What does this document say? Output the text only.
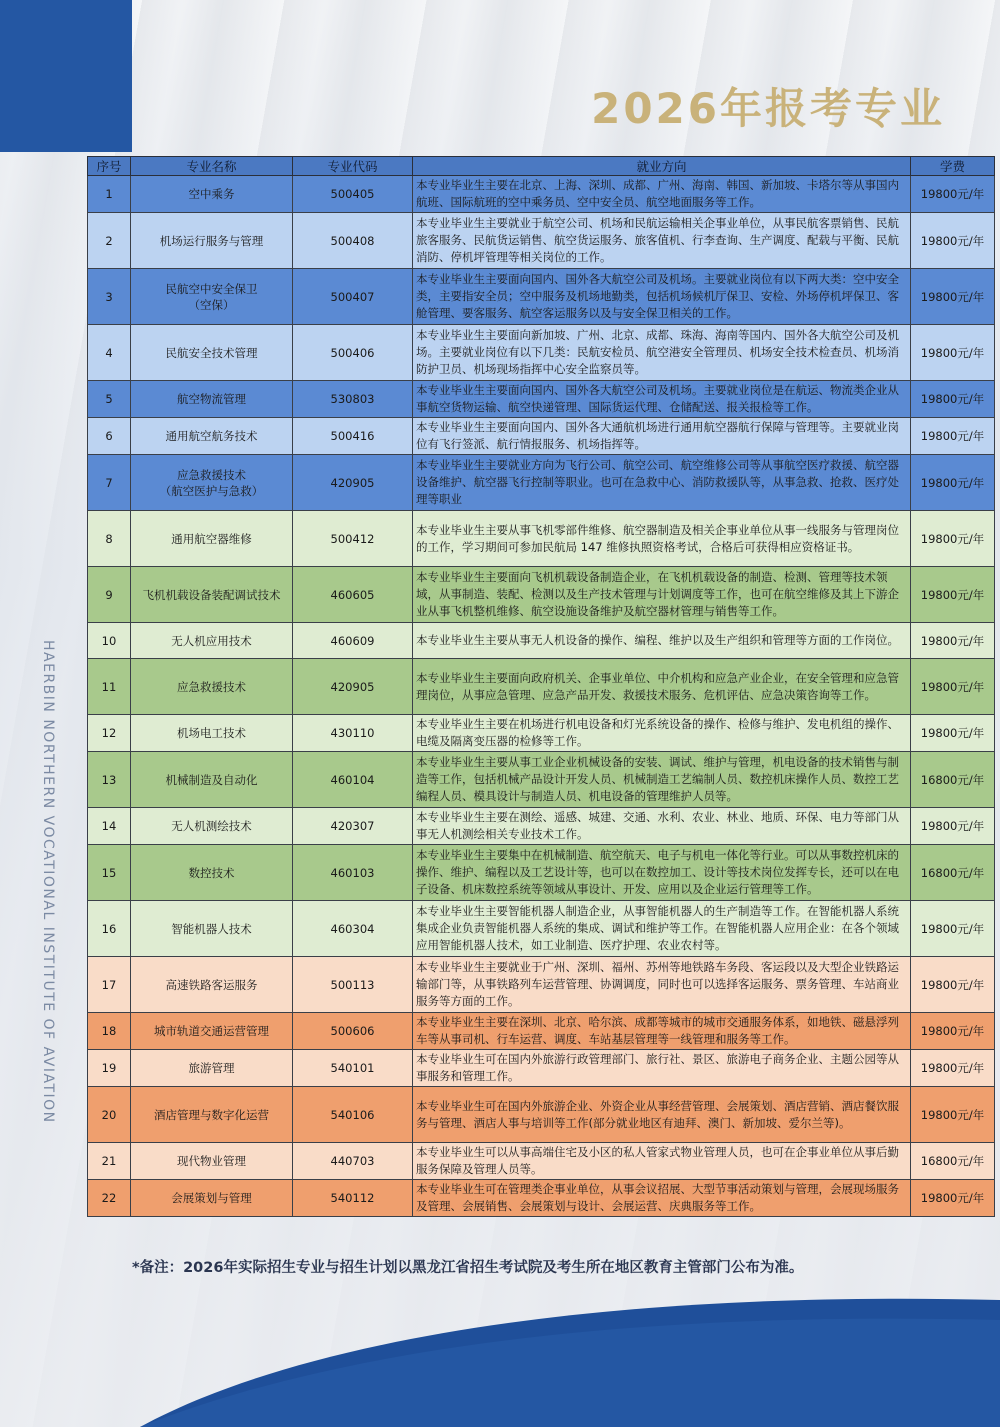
2026年报考专业
HAERBIN NORTHERN VOCATIONAL INSTITUTE OF AVIATION
序号	专业名称	专业代码	就业方向	学费
1	空中乘务	500405	本专业毕业生主要在北京、上海、深圳、成都、广州、海南、韩国、新加坡、卡塔尔等从事国内航班、国际航班的空中乘务员、空中安全员、航空地面服务等工作。	19800元/年
2	机场运行服务与管理	500408	本专业毕业生主要就业于航空公司、机场和民航运输相关企事业单位，从事民航客票销售、民航旅客服务、民航货运销售、航空货运服务、旅客值机、行李查询、生产调度、配载与平衡、民航消防、停机坪管理等相关岗位的工作。	19800元/年
3	民航空中安全保卫
（空保）	500407	本专业毕业生主要面向国内、国外各大航空公司及机场。主要就业岗位有以下两大类：空中安全类，主要指安全员；空中服务及机场地勤类，包括机场候机厅保卫、安检、外场停机坪保卫、客舱管理、要客服务、航空客运服务以及与安全保卫相关的工作。	19800元/年
4	民航安全技术管理	500406	本专业毕业生主要面向新加坡、广州、北京、成都、珠海、海南等国内、国外各大航空公司及机场。主要就业岗位有以下几类：民航安检员、航空港安全管理员、机场安全技术检查员、机场消防护卫员、机场现场指挥中心安全监察员等。	19800元/年
5	航空物流管理	530803	本专业毕业生主要面向国内、国外各大航空公司及机场。主要就业岗位是在航运、物流类企业从事航空货物运输、航空快递管理、国际货运代理、仓储配送、报关报检等工作。	19800元/年
6	通用航空航务技术	500416	本专业毕业生主要面向国内、国外各大通航机场进行通用航空器航行保障与管理等。主要就业岗位有飞行签派、航行情报服务、机场指挥等。	19800元/年
7	应急救援技术
（航空医护与急救）	420905	本专业毕业生主要就业方向为飞行公司、航空公司、航空维修公司等从事航空医疗救援、航空器设备维护、航空器飞行控制等职业。也可在急救中心、消防救援队等，从事急救、抢救、医疗处理等职业	19800元/年
8	通用航空器维修	500412	本专业毕业生主要从事飞机零部件维修、航空器制造及相关企事业单位从事一线服务与管理岗位的工作，学习期间可参加民航局 147 维修执照资格考试，合格后可获得相应资格证书。	19800元/年
9	飞机机载设备装配调试技术	460605	本专业毕业生主要面向飞机机载设备制造企业，在飞机机载设备的制造、检测、管理等技术领域，从事制造、装配、检测以及生产技术管理与计划调度等工作，也可在航空维修及其上下游企业从事飞机整机维修、航空设施设备维护及航空器材管理与销售等工作。	19800元/年
10	无人机应用技术	460609	本专业毕业生主要从事无人机设备的操作、编程、维护以及生产组织和管理等方面的工作岗位。	19800元/年
11	应急救援技术	420905	本专业毕业生主要面向政府机关、企事业单位、中介机构和应急产业企业，在安全管理和应急管理岗位，从事应急管理、应急产品开发、救援技术服务、危机评估、应急决策咨询等工作。	19800元/年
12	机场电工技术	430110	本专业毕业生主要在机场进行机电设备和灯光系统设备的操作、检修与维护、发电机组的操作、电缆及隔离变压器的检修等工作。	19800元/年
13	机械制造及自动化	460104	本专业毕业生主要从事工业企业机械设备的安装、调试、维护与管理，机电设备的技术销售与制造等工作，包括机械产品设计开发人员、机械制造工艺编制人员、数控机床操作人员、数控工艺编程人员、模具设计与制造人员、机电设备的管理维护人员等。	16800元/年
14	无人机测绘技术	420307	本专业毕业生主要在测绘、遥感、城建、交通、水利、农业、林业、地质、环保、电力等部门从事无人机测绘相关专业技术工作。	19800元/年
15	数控技术	460103	本专业毕业生主要集中在机械制造、航空航天、电子与机电一体化等行业。可以从事数控机床的操作、维护、编程以及工艺设计等，也可以在数控加工、设计等技术岗位发挥专长，还可以在电子设备、机床数控系统等领域从事设计、开发、应用以及企业运行管理等工作。	16800元/年
16	智能机器人技术	460304	本专业毕业生主要智能机器人制造企业，从事智能机器人的生产制造等工作。在智能机器人系统集成企业负责智能机器人系统的集成、调试和维护等工作。在智能机器人应用企业：在各个领域应用智能机器人技术，如工业制造、医疗护理、农业农村等。	19800元/年
17	高速铁路客运服务	500113	本专业毕业生主要就业于广州、深圳、福州、苏州等地铁路车务段、客运段以及大型企业铁路运输部门等，从事铁路列车运营管理、协调调度，同时也可以选择客运服务、票务管理、车站商业服务等方面的工作。	19800元/年
18	城市轨道交通运营管理	500606	本专业毕业生主要在深圳、北京、哈尔滨、成都等城市的城市交通服务体系，如地铁、磁悬浮列车等从事司机、行车运营、调度、车站基层管理等一线管理和服务等工作。	19800元/年
19	旅游管理	540101	本专业毕业生可在国内外旅游行政管理部门、旅行社、景区、旅游电子商务企业、主题公园等从事服务和管理工作。	19800元/年
20	酒店管理与数字化运营	540106	本专业毕业生可在国内外旅游企业、外资企业从事经营管理、会展策划、酒店营销、酒店餐饮服务与管理、酒店人事与培训等工作(部分就业地区有迪拜、澳门、新加坡、爱尔兰等)。	19800元/年
21	现代物业管理	440703	本专业毕业生可以从事高端住宅及小区的私人管家式物业管理人员，也可在企事业单位从事后勤服务保障及管理人员等。	16800元/年
22	会展策划与管理	540112	本专业毕业生可在管理类企事业单位，从事会议招展、大型节事活动策划与管理，会展现场服务及管理、会展销售、会展策划与设计、会展运营、庆典服务等工作。	19800元/年
*备注：2026年实际招生专业与招生计划以黑龙江省招生考试院及考生所在地区教育主管部门公布为准。
